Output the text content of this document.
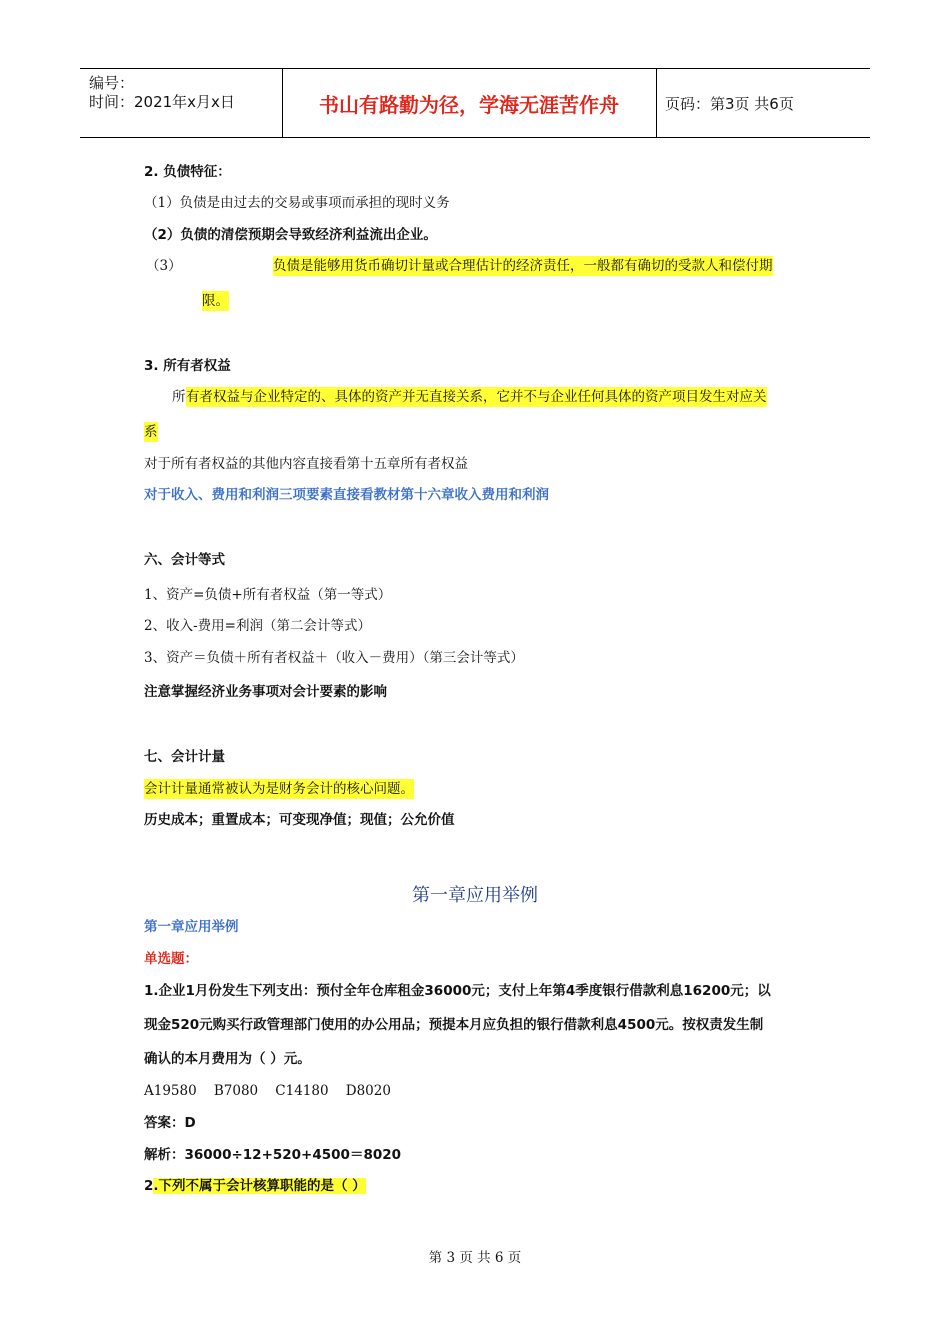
编号：
时间：2021年x月x日	书山有路勤为径，学海无涯苦作舟	页码：第3页 共6页
2. 负债特征：
（1）负债是由过去的交易或事项而承担的现时义务
（2）负债的清偿预期会导致经济利益流出企业。
（3）	负债是能够用货币确切计量或合理估计的经济责任，一般都有确切的受款人和偿付期
限。
3. 所有者权益
所 有者权益与企业特定的、具体的资产并无直接关系，它并不与企业任何具体的资产项目发生对应关
系
对于所有者权益的其他内容直接看第十五章所有者权益
对于收入、费用和利润三项要素直接看教材第十六章收入费用和利润
六、会计等式
1、资产=负债+所有者权益（第一等式）
2、收入-费用=利润（第二会计等式）
3、资产＝负债＋所有者权益＋（收入－费用）（第三会计等式）
注意掌握经济业务事项对会计要素的影响
七、会计计量
会计计量通常被认为是财务会计的核心问题。
历史成本；重置成本；可变现净值；现值；公允价值
第一章应用举例
第一章应用举例
单选题：
1.企业1月份发生下列支出：预付全年仓库租金36000元；支付上年第4季度银行借款利息16200元；以
现金520元购买行政管理部门使用的办公用品；预提本月应负担的银行借款利息4500元。按权责发生制
确认的本月费用为（ ）元。
A19580    B7080    C14180    D8020
答案：D
解析：36000÷12+520+4500＝8020
2.下列不属于会计核算职能的是（ ）
第 3 页 共 6 页
